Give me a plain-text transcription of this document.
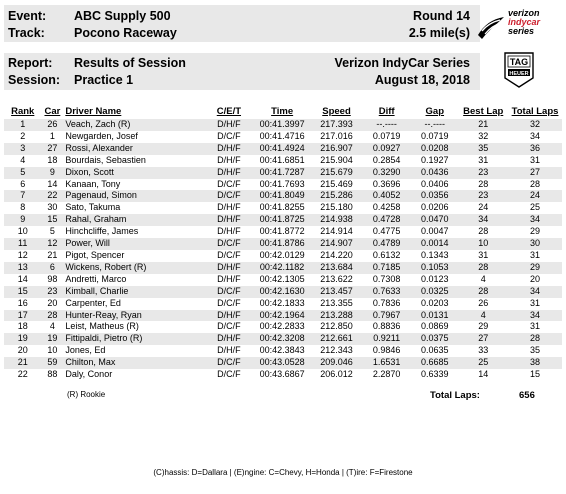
Event: ABC Supply 500	Round 14
Track: Pocono Raceway	2.5 mile(s)
Report: Results of Session	Verizon IndyCar Series
Session: Practice 1	August 18, 2018
verizon
indycar
series
TAG
HEUER
Rank	Car	Driver Name	C/E/T	Time	Speed	Diff	Gap	Best Lap	Total Laps
1	26	Veach, Zach (R)	D/H/F	00:41.3997	217.393	--.----	--.----	21	32
2	1	Newgarden, Josef	D/C/F	00:41.4716	217.016	0.0719	0.0719	32	34
3	27	Rossi, Alexander	D/H/F	00:41.4924	216.907	0.0927	0.0208	35	36
4	18	Bourdais, Sebastien	D/H/F	00:41.6851	215.904	0.2854	0.1927	31	31
5	9	Dixon, Scott	D/H/F	00:41.7287	215.679	0.3290	0.0436	23	27
6	14	Kanaan, Tony	D/C/F	00:41.7693	215.469	0.3696	0.0406	28	28
7	22	Pagenaud, Simon	D/C/F	00:41.8049	215.286	0.4052	0.0356	23	24
8	30	Sato, Takuma	D/H/F	00:41.8255	215.180	0.4258	0.0206	24	25
9	15	Rahal, Graham	D/H/F	00:41.8725	214.938	0.4728	0.0470	34	34
10	5	Hinchcliffe, James	D/H/F	00:41.8772	214.914	0.4775	0.0047	28	29
11	12	Power, Will	D/C/F	00:41.8786	214.907	0.4789	0.0014	10	30
12	21	Pigot, Spencer	D/C/F	00:42.0129	214.220	0.6132	0.1343	31	31
13	6	Wickens, Robert (R)	D/H/F	00:42.1182	213.684	0.7185	0.1053	28	29
14	98	Andretti, Marco	D/H/F	00:42.1305	213.622	0.7308	0.0123	4	20
15	23	Kimball, Charlie	D/C/F	00:42.1630	213.457	0.7633	0.0325	28	34
16	20	Carpenter, Ed	D/C/F	00:42.1833	213.355	0.7836	0.0203	26	31
17	28	Hunter-Reay, Ryan	D/H/F	00:42.1964	213.288	0.7967	0.0131	4	34
18	4	Leist, Matheus (R)	D/C/F	00:42.2833	212.850	0.8836	0.0869	29	31
19	19	Fittipaldi, Pietro (R)	D/H/F	00:42.3208	212.661	0.9211	0.0375	27	28
20	10	Jones, Ed	D/H/F	00:42.3843	212.343	0.9846	0.0635	33	35
21	59	Chilton, Max	D/C/F	00:43.0528	209.046	1.6531	0.6685	25	38
22	88	Daly, Conor	D/C/F	00:43.6867	206.012	2.2870	0.6339	14	15
(R) Rookie	Total Laps:	656
(C)hassis: D=Dallara | (E)ngine: C=Chevy, H=Honda | (T)ire: F=Firestone
